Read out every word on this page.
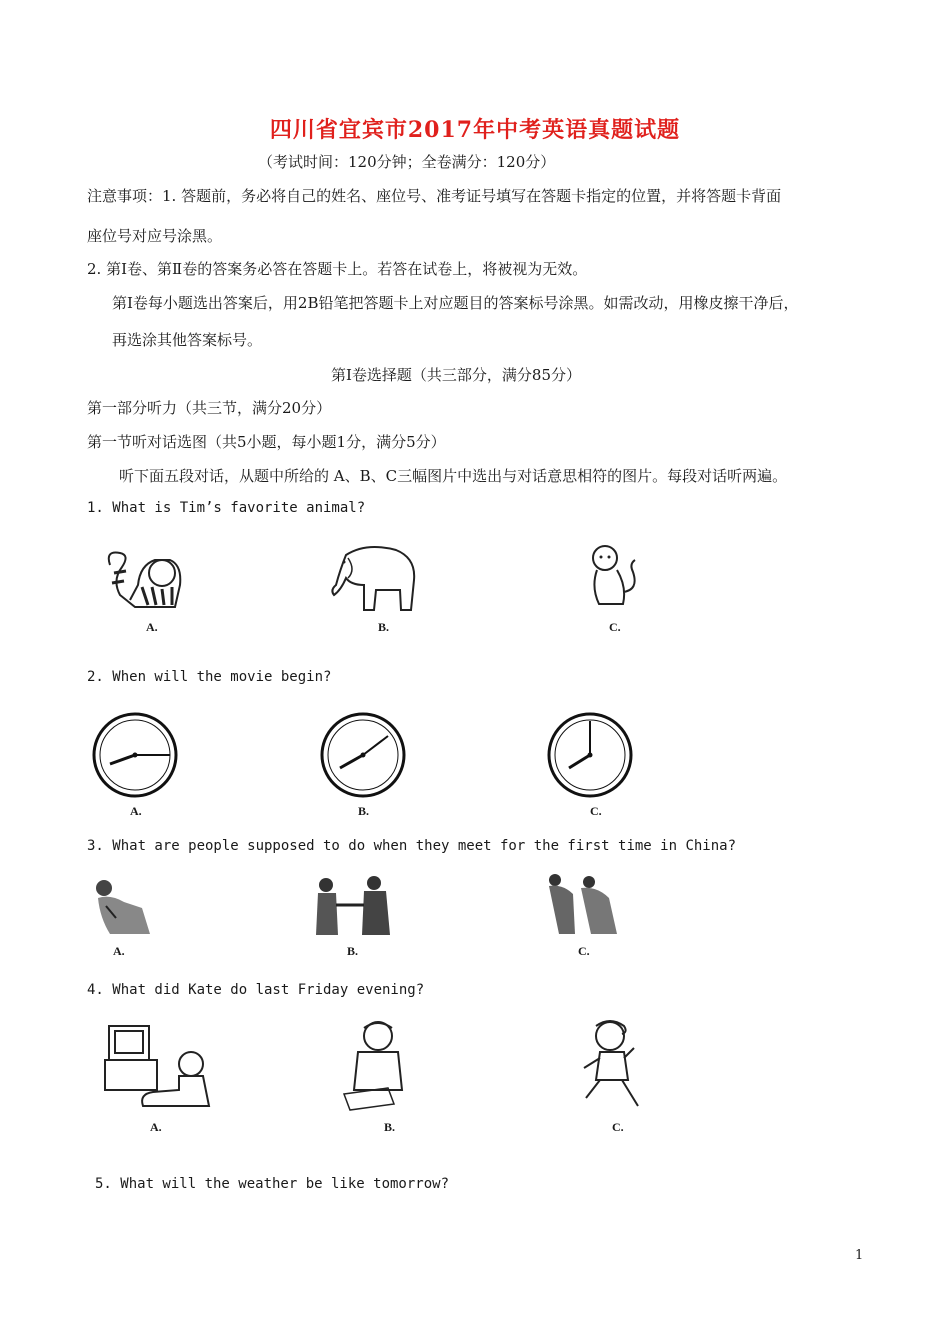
四川省宜宾市2017年中考英语真题试题
（考试时间：120分钟；全卷满分：120分）
注意事项：1. 答题前，务必将自己的姓名、座位号、准考证号填写在答题卡指定的位置，并将答题卡背面
座位号对应号涂黑。
2. 第Ⅰ卷、第Ⅱ卷的答案务必答在答题卡上。若答在试卷上，将被视为无效。
第Ⅰ卷每小题选出答案后，用2B铅笔把答题卡上对应题目的答案标号涂黑。如需改动，用橡皮擦干净后，
再选涂其他答案标号。
第Ⅰ卷选择题（共三部分，满分85分）
第一部分听力（共三节，满分20分）
第一节听对话选图（共5小题，每小题1分，满分5分）
听下面五段对话，从题中所给的 A、B、C三幅图片中选出与对话意思相符的图片。每段对话听两遍。
1. What is Tim’s favorite animal?
A.	B.	C.
2. When will the movie begin?
A.	B.	C.
3. What are people supposed to do when they meet for the first time in China?
A.	B.	C.
4. What did Kate do last Friday evening?
A.	B.	C.
5. What will the weather be like tomorrow?
1
